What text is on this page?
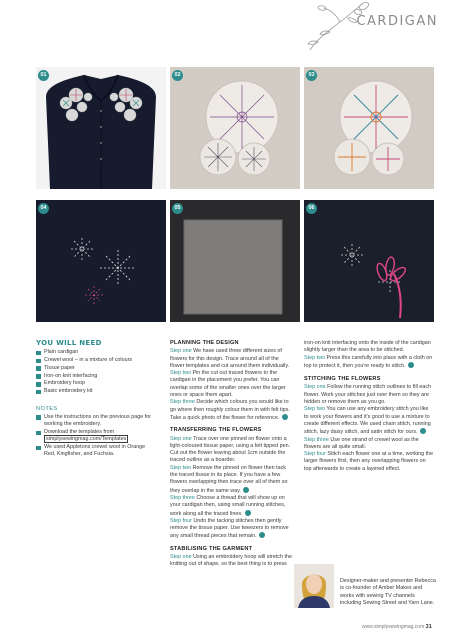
CARDIGAN
01	02	03
04	05	06
YOU WILL NEED
Plain cardigan
Crewel wool – in a mixture of colours
Tissue paper
Iron-on knit interfacing
Embroidery hoop
Basic embroidery kit
NOTES
Use the instructions on the previous page for working the embroidery.
Download the templates from
simplysewingmag.com/Templates
We used Appletons crewel wool in Orange Red, Kingfisher, and Fuchsia.
PLANNING THE DESIGN

Step one We have used three different sizes of flowers for this design. Trace around all of the flower templates and cut around them individually.

Step two Pin the cut out traced flowers to the cardigan in the placement you prefer. You can overlap some of the smaller ones over the larger ones or space them apart.

Step three Decide which colours you would like to go where then roughly colour them in with felt tips. Take a quick photo of the flower for reference.

TRANSFERRING THE FLOWERS

Step one Trace over one pinned on flower onto a light-coloured tissue paper, using a felt tipped pen. Cut out the flower leaving about 1cm outside the traced outline as a boarder.

Step two Remove the pinned on flower then tack the traced tissue in its place. If you have a few flowers overlapping then trace over all of them so they overlap in the same way.

Step three Choose a thread that will show up on your cardigan then, using small running stitches, work along all the traced lines.

Step four Undo the tacking stitches then gently remove the tissue paper. Use tweezers to remove any small thread pieces that remain.

STABILISING THE GARMENT

Step one Using an embroidery hoop will stretch the knitting out of shape, so the best thing is to press

iron-on knit interfacing onto the inside of the cardigan slightly larger than the area to be stitched.

Step two Press this carefully into place with a cloth on top to protect it, then you're ready to stitch.

STITCHING THE FLOWERS

Step one Follow the running stitch outlines to fill each flower. Work your stitches just over them so they are hidden or remove them as you go.

Step two You can use any embroidery stitch you like to work your flowers and it's good to use a mixture to create different effects. We used chain stitch, running stitch, lazy daisy stitch, and satin stitch for ours.

Step three Use one strand of crewel wool as the flowers are all quite small.

Step four Stitch each flower one at a time, working the larger flowers first, then any overlapping flowers on top afterwards to create a layered effect.

Designer-maker and presenter Rebecca is co-founder of Amber Makes and works with sewing TV channels including Sewing Street and Yarn Lane.
www.simplysewingmag.com 31
